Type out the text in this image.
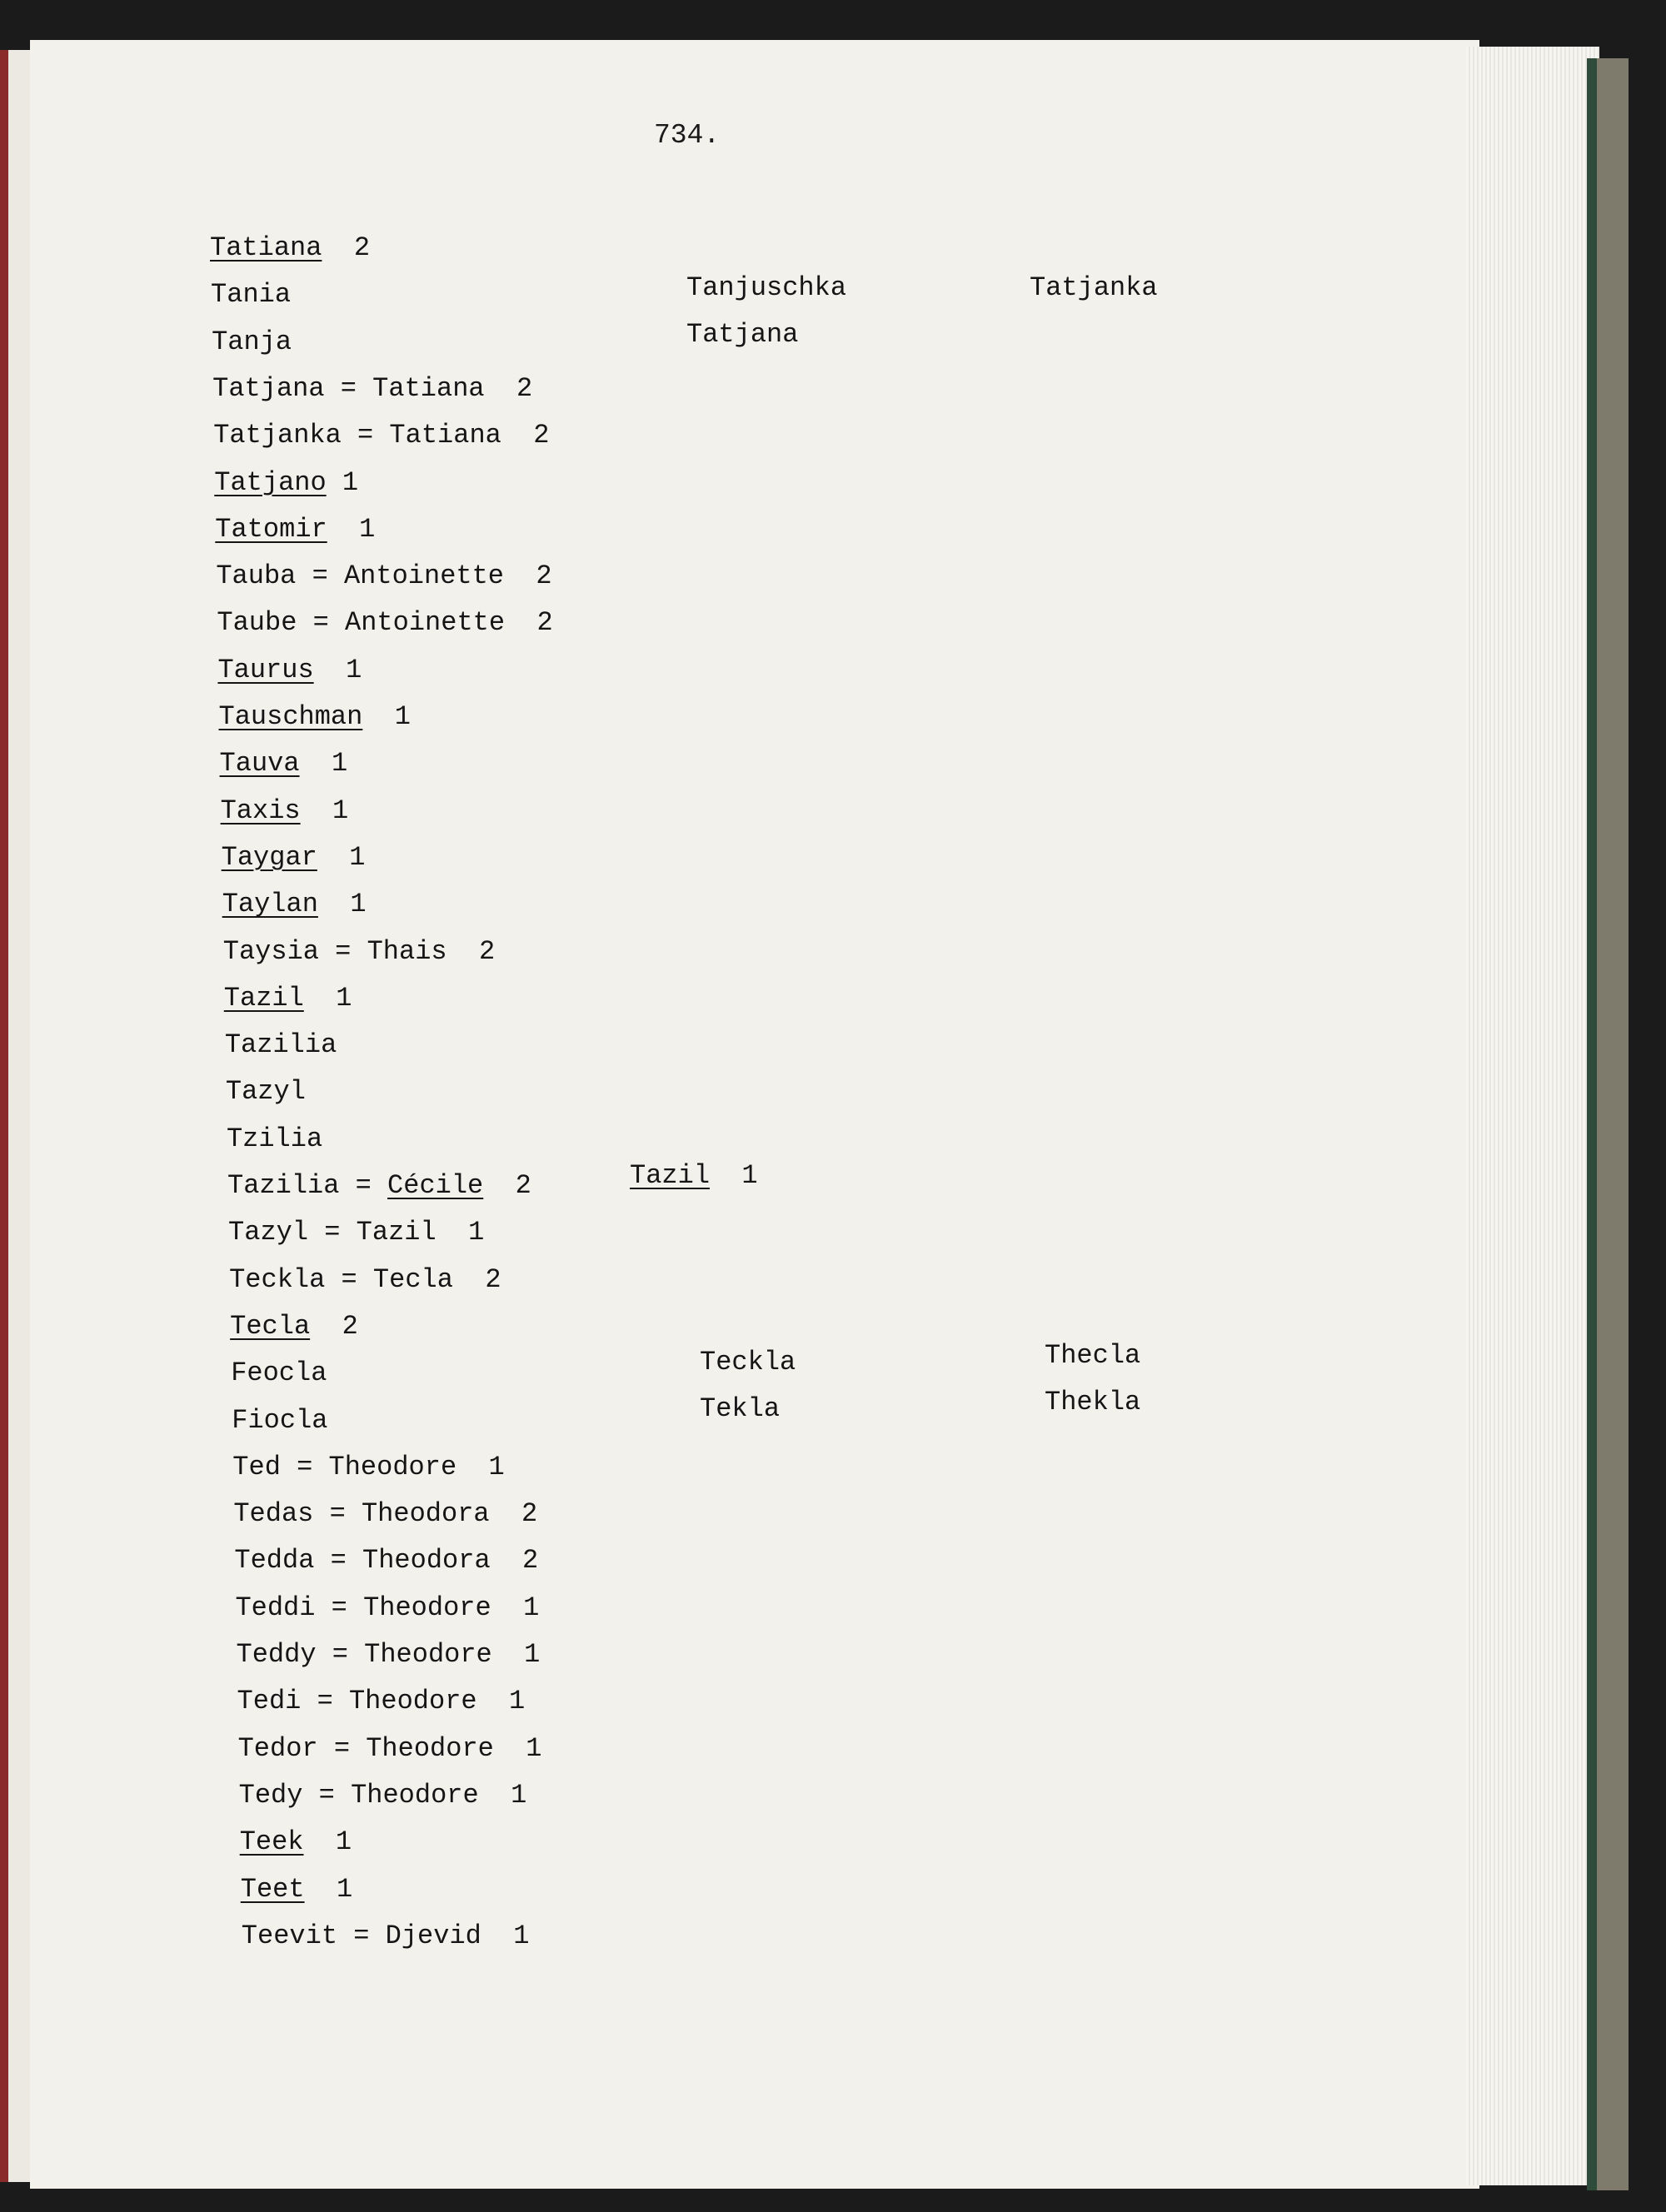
734.
Tatiana  2
Tania
Tanja
Tatjana = Tatiana  2
Tatjanka = Tatiana  2
Tatjano 1
Tatomir  1
Tauba = Antoinette  2
Taube = Antoinette  2
Taurus  1
Tauschman  1
Tauva  1
Taxis  1
Taygar  1
Taylan  1
Taysia = Thais  2
Tazil  1
Tazilia
Tazyl
Tzilia
Tazilia = Cécile  2
Tazyl = Tazil  1
Teckla = Tecla  2
Tecla  2
Feocla
Fiocla
Ted = Theodore  1
Tedas = Theodora  2
Tedda = Theodora  2
Teddi = Theodore  1
Teddy = Theodore  1
Tedi = Theodore  1
Tedor = Theodore  1
Tedy = Theodore  1
Teek  1
Teet  1
Teevit = Djevid  1
Tanjuschka
Tatjana
Tatjanka
Tazil 1
Teckla
Tekla
Thecla
Thekla
